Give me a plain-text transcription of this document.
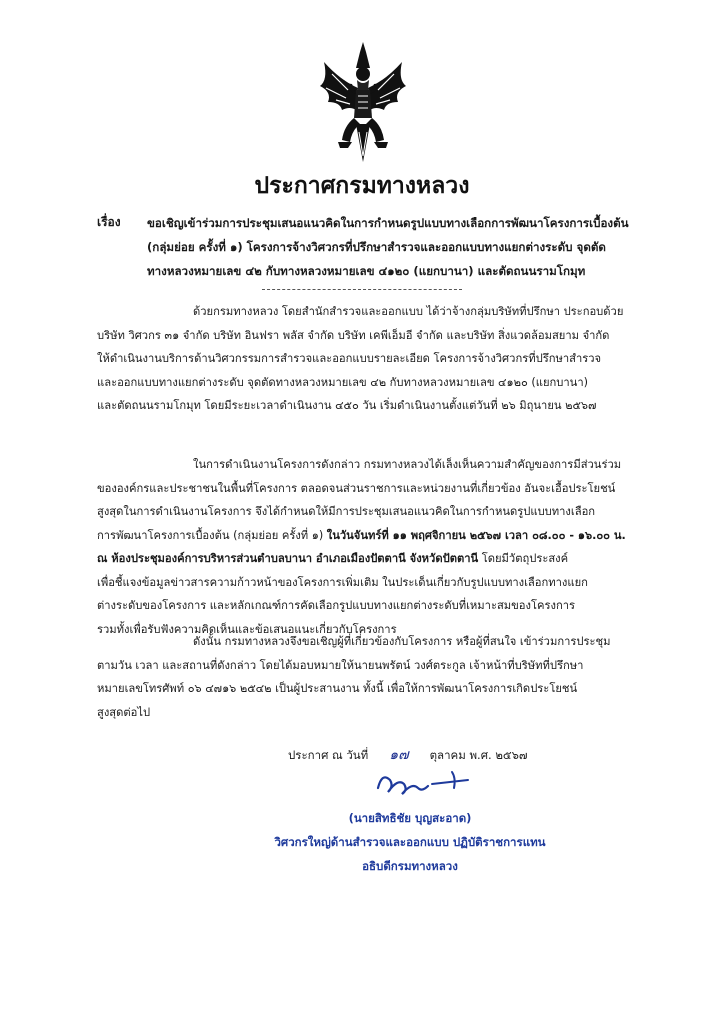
ประกาศกรมทางหลวง
เรื่อง ขอเชิญเข้าร่วมการประชุมเสนอแนวคิดในการกำหนดรูปแบบทางเลือกการพัฒนาโครงการเบื้องต้น
(กลุ่มย่อย ครั้งที่ ๑) โครงการจ้างวิศวกรที่ปรึกษาสำรวจและออกแบบทางแยกต่างระดับ จุดตัด
ทางหลวงหมายเลข ๔๒ กับทางหลวงหมายเลข ๔๑๒๐ (แยกบานา) และตัดถนนรามโกมุท
ด้วยกรมทางหลวง โดยสำนักสำรวจและออกแบบ ได้ว่าจ้างกลุ่มบริษัทที่ปรึกษา ประกอบด้วย
บริษัท วิศวกร ๓๑ จำกัด บริษัท อินฟรา พลัส จำกัด บริษัท เคพีเอ็มอี จำกัด และบริษัท สิ่งแวดล้อมสยาม จำกัด
ให้ดำเนินงานบริการด้านวิศวกรรมการสำรวจและออกแบบรายละเอียด โครงการจ้างวิศวกรที่ปรึกษาสำรวจ
และออกแบบทางแยกต่างระดับ จุดตัดทางหลวงหมายเลข ๔๒ กับทางหลวงหมายเลข ๔๑๒๐ (แยกบานา)
และตัดถนนรามโกมุท โดยมีระยะเวลาดำเนินงาน ๔๕๐ วัน เริ่มดำเนินงานตั้งแต่วันที่ ๒๖ มิถุนายน ๒๕๖๗
ในการดำเนินงานโครงการดังกล่าว กรมทางหลวงได้เล็งเห็นความสำคัญของการมีส่วนร่วม
ขององค์กรและประชาชนในพื้นที่โครงการ ตลอดจนส่วนราชการและหน่วยงานที่เกี่ยวข้อง อันจะเอื้อประโยชน์
สูงสุดในการดำเนินงานโครงการ จึงได้กำหนดให้มีการประชุมเสนอแนวคิดในการกำหนดรูปแบบทางเลือก
การพัฒนาโครงการเบื้องต้น (กลุ่มย่อย ครั้งที่ ๑) ในวันจันทร์ที่ ๑๑ พฤศจิกายน ๒๕๖๗ เวลา ๐๘.๐๐ - ๑๖.๐๐ น.
ณ ห้องประชุมองค์การบริหารส่วนตำบลบานา อำเภอเมืองปัตตานี จังหวัดปัตตานี โดยมีวัตถุประสงค์
เพื่อชี้แจงข้อมูลข่าวสารความก้าวหน้าของโครงการเพิ่มเติม ในประเด็นเกี่ยวกับรูปแบบทางเลือกทางแยก
ต่างระดับของโครงการ และหลักเกณฑ์การคัดเลือกรูปแบบทางแยกต่างระดับที่เหมาะสมของโครงการ
รวมทั้งเพื่อรับฟังความคิดเห็นและข้อเสนอแนะเกี่ยวกับโครงการ
ดังนั้น กรมทางหลวงจึงขอเชิญผู้ที่เกี่ยวข้องกับโครงการ หรือผู้ที่สนใจ เข้าร่วมการประชุม
ตามวัน เวลา และสถานที่ดังกล่าว โดยได้มอบหมายให้นายนพรัตน์ วงศ์ตระกูล เจ้าหน้าที่บริษัทที่ปรึกษา
หมายเลขโทรศัพท์ ๐๖ ๔๗๑๖ ๒๕๔๒ เป็นผู้ประสานงาน ทั้งนี้ เพื่อให้การพัฒนาโครงการเกิดประโยชน์
สูงสุดต่อไป
ประกาศ ณ วันที่ ๑๗ ตุลาคม พ.ศ. ๒๕๖๗
(นายสิทธิชัย บุญสะอาด)
วิศวกรใหญ่ด้านสำรวจและออกแบบ ปฏิบัติราชการแทน
อธิบดีกรมทางหลวง
